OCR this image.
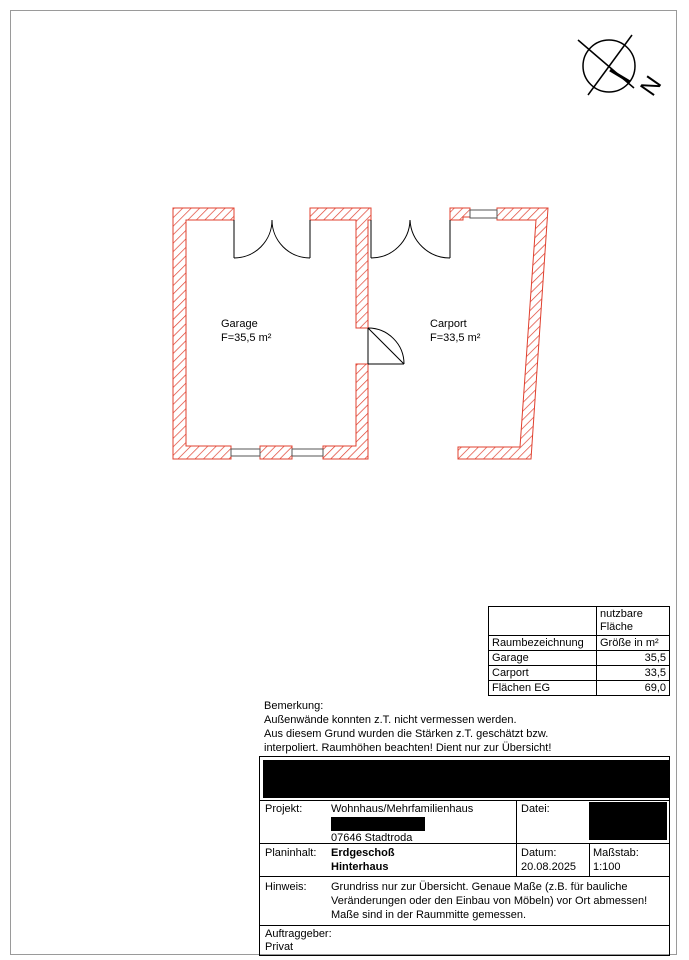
N
Garage
F=35,5 m²
Carport
F=33,5 m²
	nutzbare Fläche
Raumbezeichnung	Größe in m²
Garage	35,5
Carport	33,5
Flächen EG	69,0
Bemerkung:
Außenwände konnten z.T. nicht vermessen werden.
Aus diesem Grund wurden die Stärken z.T. geschätzt bzw.
interpoliert. Raumhöhen beachten! Dient nur zur Übersicht!
Projekt:	Wohnhaus/Mehrfamilienhaus
07646 Stadtroda
Datei:
Planinhalt: Erdgeschoß
Hinterhaus
Datum:
20.08.2025
Maßstab:
1:100
Hinweis: Grundriss nur zur Übersicht. Genaue Maße (z.B. für bauliche
Veränderungen oder den Einbau von Möbeln) vor Ort abmessen!
Maße sind in der Raummitte gemessen.
Auftraggeber:
Privat
